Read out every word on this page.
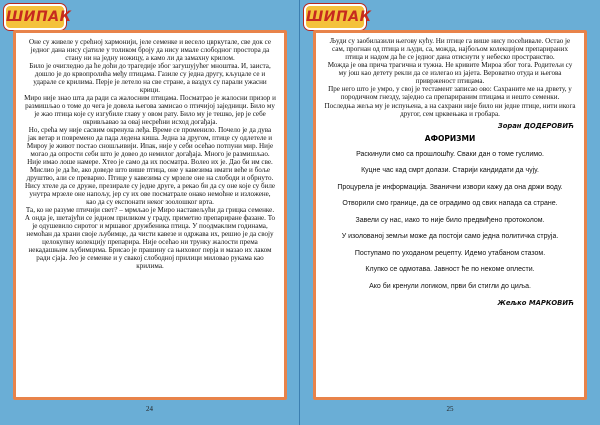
ШИПАК

Оне су живеле у срећној хармонији, јеле семенке и весело цвркутале, све док се једног дана нису сјатиле у толиком броју да нису имале слободног простора да стану ни на једну ножицу, а камо ли да замахну крилом.

Било је очигледно да ће доћи до трагедије због загушујућег мноштва. И, заиста, дошло је до крвопролића међу птицама. Газиле су једна другу, кљуцале се и ударале се крилима. Перје је летело на све стране, а ваздух су парали ужасни крици.

Миро није знао шта да ради са жалосним птицама. Посматрао је жалосни призор и размишљао о томе до чега је довела његова замисао о птичијој заједници. Било му је жао птица које су изгубиле главу у овом рату. Било му је тешко, јер је себе окривљавао за овај несрећни исход догађаја.

Но, срећа му није сасвим окренула леђа. Време се променило. Почело је да дува јак ветар и повремено да пада ледена киша. Једна за другом, птице су одлетеле и Мироу је живот постао сношљивији. Ипак, није у себи осећао потпуни мир. Није могао да опрости себи што је довео до немилог догађаја. Много је размишљао. Није имао лоше намере. Хтео је само да их посматра. Волео их је. Дао би им све. Мислио је да ће, ако доведе што више птица, оне у кавезима имати веће и боље друштво, али се преварио. Птице у кавезима су мрзеле оне на слободи и обрнуто. Нису хтеле да се друже, презирале су једне друге, а рекао би да су оне које су биле унутра мрзеле оне напољу, јер су их ове посматрале онако немоћне и изложене, као да су експонати неког зоолошког врта.

Та, ко не разуме птичији свет? – мрмљао је Миро наставељући да грицка семенке.

А онда је, шетајући се једном приликом у граду, приметио препариране фазане. То је одушевило сиротог и мршавог дружбеника птица. У поодмаклим годинама, немоћан да храни своје љубимце, да чисти кавезе и одржава их, решио је да своју целокупну колекцију препарира. Није осећао ни трунку жалости према некадашњим љубимцима. Брисао је прашину са њиховог перја и мазао их лаком ради сјаја. Јео је семенке и у свакој слободној прилици миловао рукама као крилима.

24
ШИПАК

Људи су заобилазили његову кућу. Ни птице га више нису посећивале. Остао је сам, прогнан од птица и људи, са, можда, најбољом колекцијом препарираних птица и надом да ће се једног дана отиснути у небеско пространство.

Можда је ова прича трагична и тужна. Не кривите Мироа због тога. Родитељи су му још као детету рекли да се излегао из јајета. Вероватно отуда и његова привржeност птицама.

Пре него што је умро, у свој је тестамент записао ово: Сахраните ме на дрвету, у породичном гнезду, заједно са препарираним птицама и нешто семенки.

Последња жеља му је испуњена, а на сахрани није било ни једне птице, нити икога другог, сем црквењака и гробара.

Зоран ДОДЕРОВИЋ
АФОРИЗМИ
Раскинули смо са прошлошћу. Сваки дан о томе гуслимо.
Куцне час кад смрт долази. Старији кандидати да чују.
Процурела је информација. Званични извори кажу да она држи воду.
Отворили смо границе, да се оградимо од свих напада са стране.
Завели су нас, иако то није било предвиђено протоколом.
У изолованој земљи може да постоји само једна политичка струја.
Поступамо по уходаном рецепту. Идемо утабаном стазом.
Клупко се одмотава. Јавност ће по некоме оплести.
Ако би кренули логиком, први би стигли до циља.
Жељко МАРКОВИЋ
25
